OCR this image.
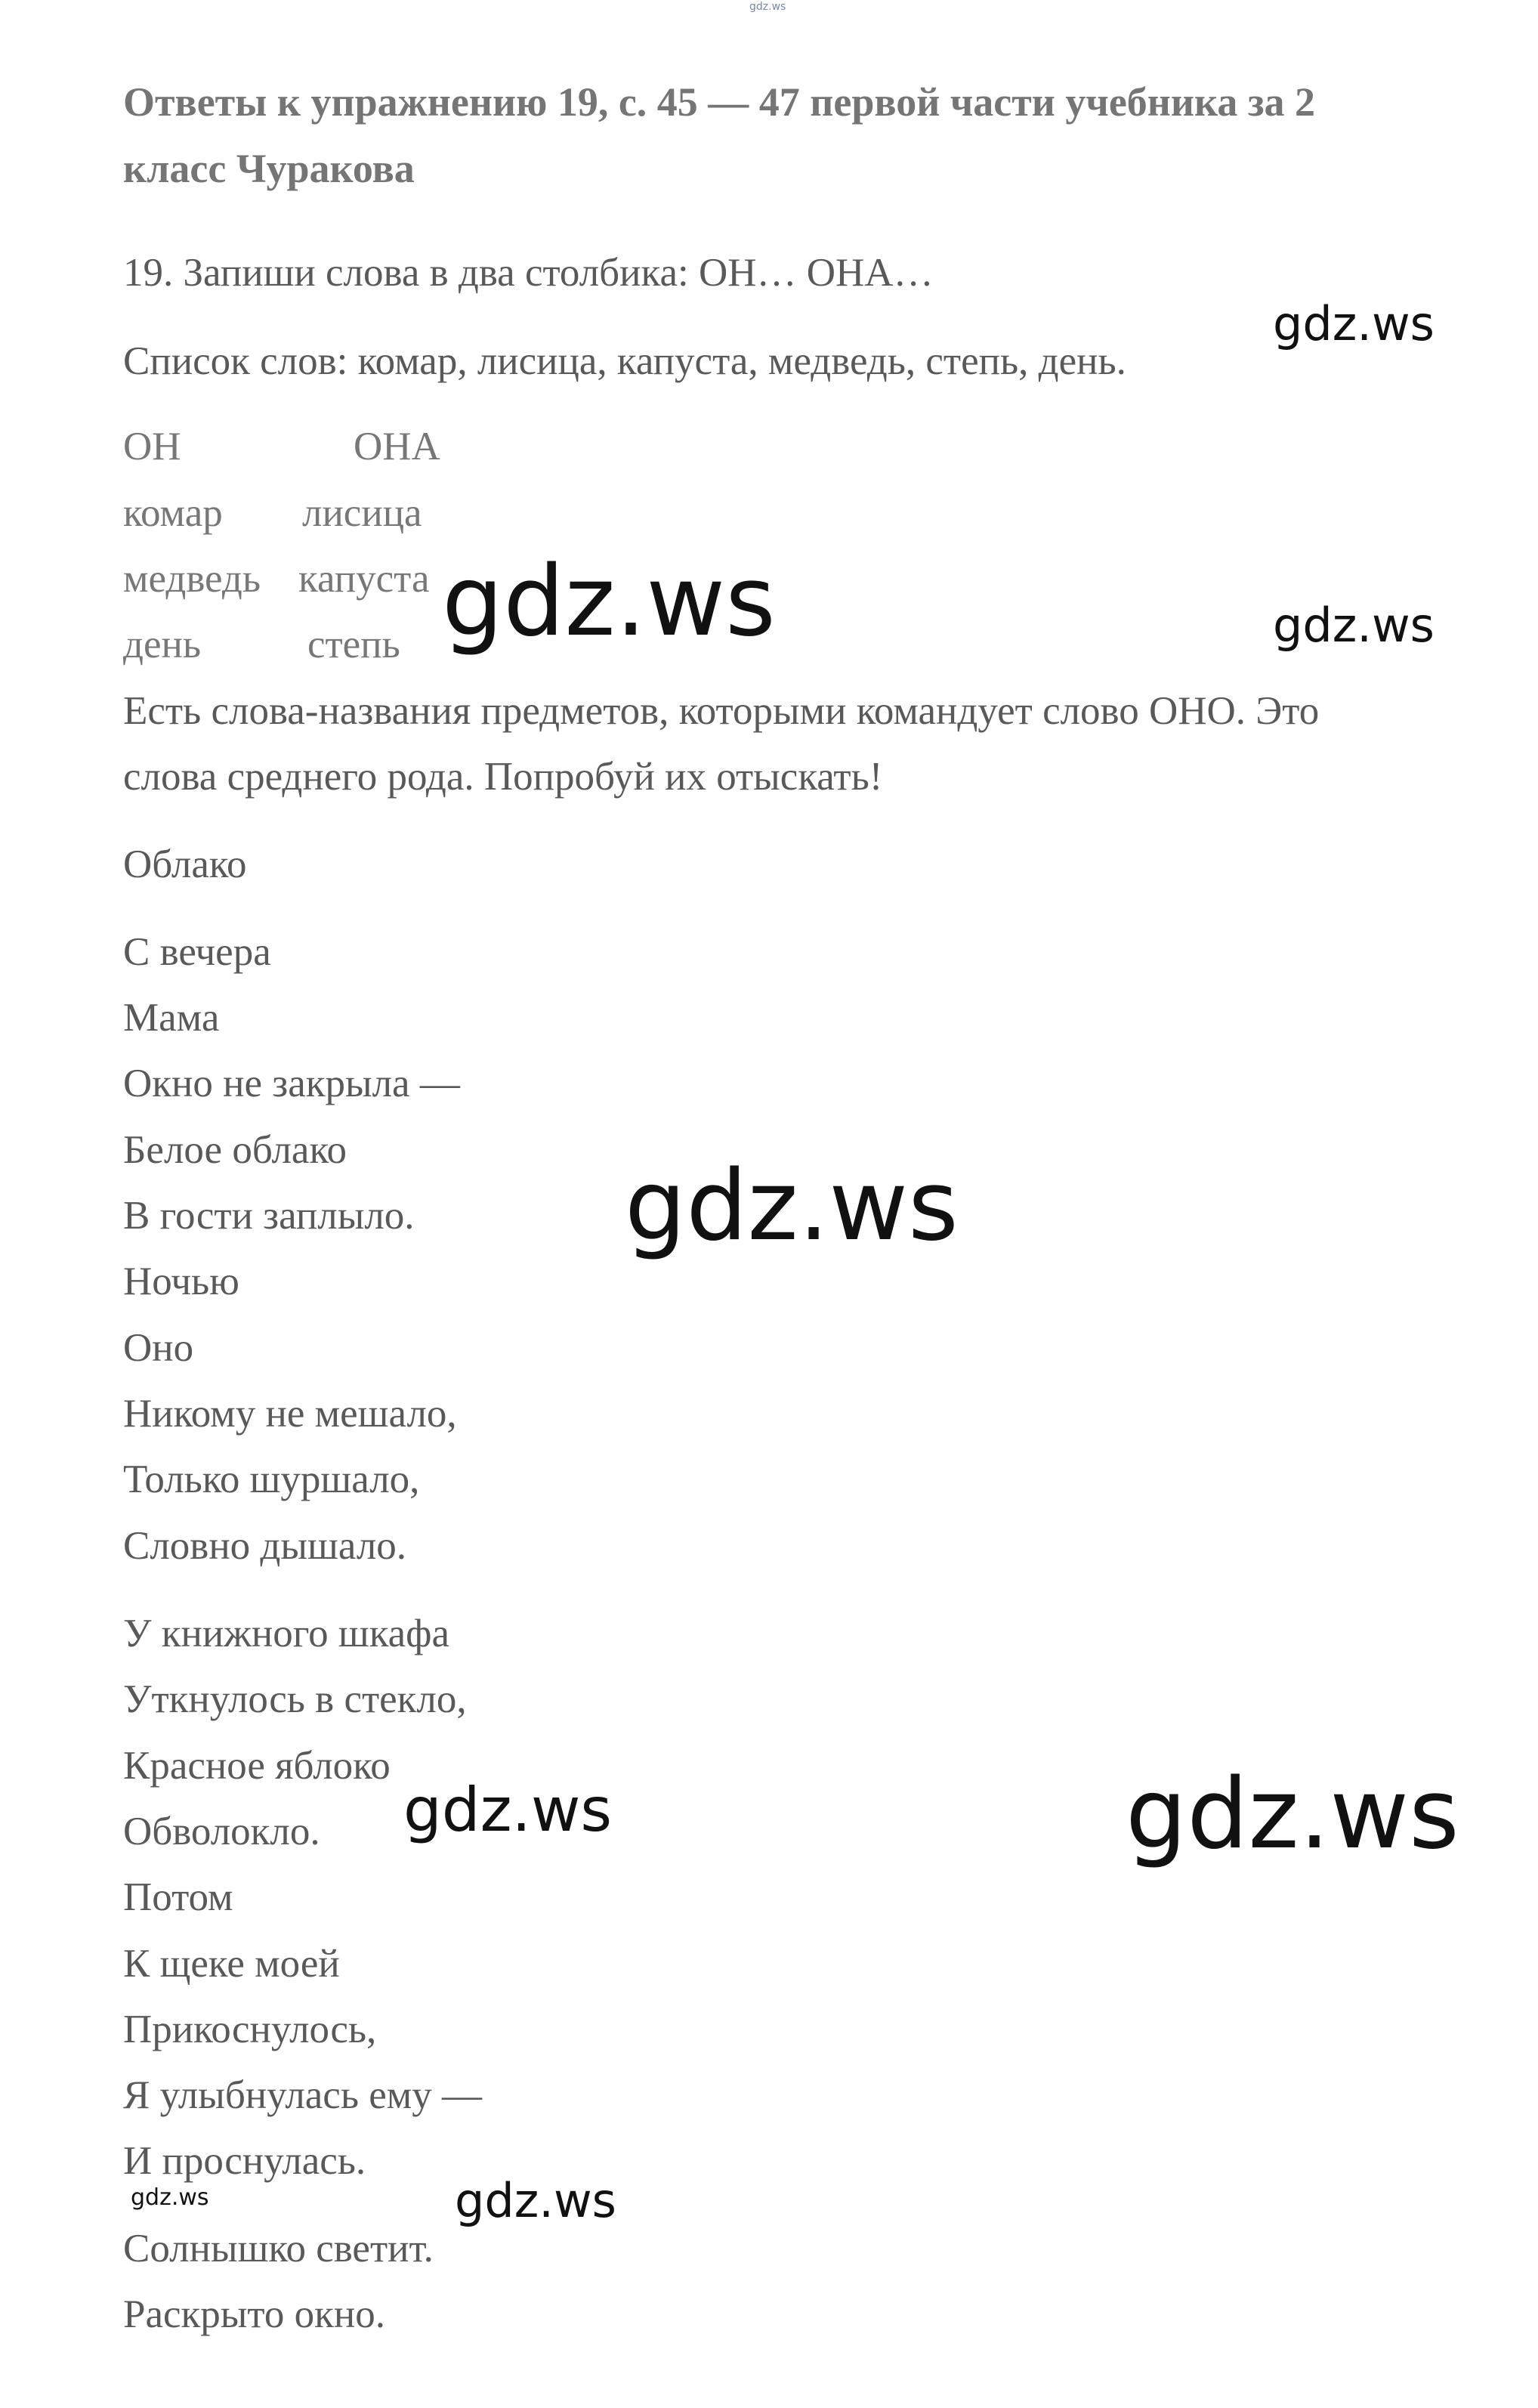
gdz.ws
Ответы к упражнению 19, с. 45 — 47 первой части учебника за 2
класс Чуракова
19. Запиши слова в два столбика: ОН… ОНА…
Список слов: комар, лисица, капуста, медведь, степь, день.
ОН	ОНА
комар лисица
медведь капуста
день	степь
Есть слова-названия предметов, которыми командует слово ОНО. Это
слова среднего рода. Попробуй их отыскать!
Облако
С вечера
Мама
Окно не закрыла —
Белое облако
В гости заплыло.
Ночью
Оно
Никому не мешало,
Только шуршало,
Словно дышало.
У книжного шкафа
Уткнулось в стекло,
Красное яблоко
Обволокло.
Потом
К щеке моей
Прикоснулось,
Я улыбнулась ему —
И проснулась.
Солнышко светит.
Раскрыто окно.
gdz.ws
gdz.ws	gdz.ws
gdz.ws
gdz.ws	gdz.ws
gdz.ws	gdz.ws
